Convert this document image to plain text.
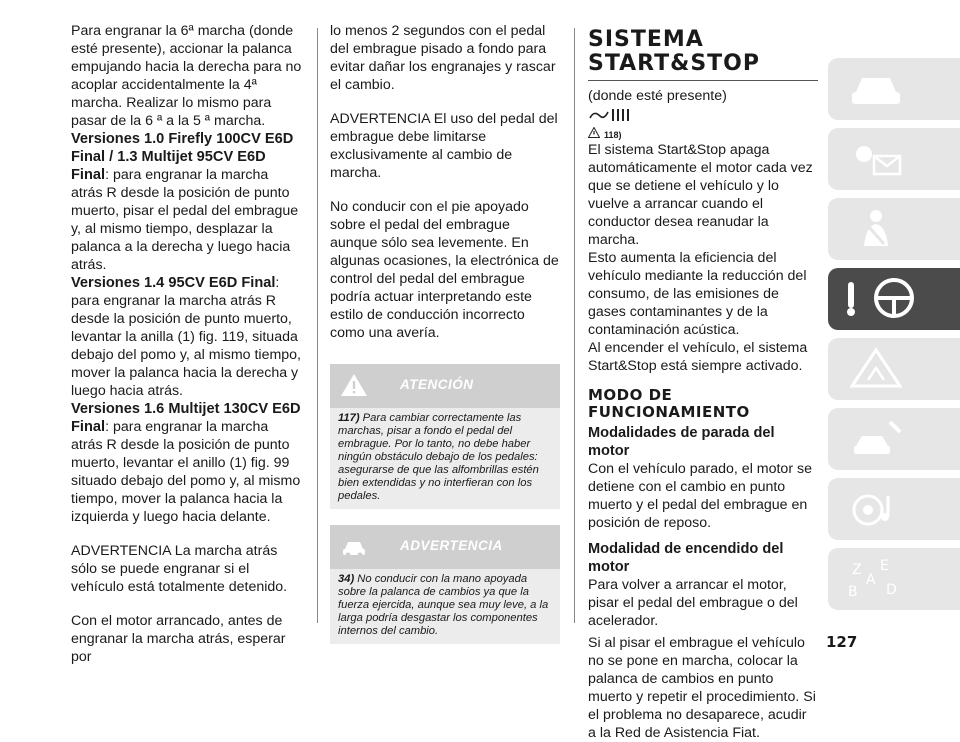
Para engranar la 6ª marcha (donde esté presente), accionar la palanca empujando hacia la derecha para no acoplar accidentalmente la 4ª marcha. Realizar lo mismo para pasar de la 6 ª a la 5 ª marcha.

Versiones 1.0 Firefly 100CV E6D Final / 1.3 Multijet 95CV E6D Final: para engranar la marcha atrás R desde la posición de punto muerto, pisar el pedal del embrague y, al mismo tiempo, desplazar la palanca a la derecha y luego hacia atrás.

Versiones 1.4 95CV E6D Final: para engranar la marcha atrás R desde la posición de punto muerto, levantar la anilla (1) fig. 119, situada debajo del pomo y, al mismo tiempo, mover la palanca hacia la derecha y luego hacia atrás.

Versiones 1.6 Multijet 130CV E6D Final: para engranar la marcha atrás R desde la posición de punto muerto, levantar el anillo (1) fig. 99 situado debajo del pomo y, al mismo tiempo, mover la palanca hacia la izquierda y luego hacia delante.

ADVERTENCIA La marcha atrás sólo se puede engranar si el vehículo está totalmente detenido.

Con el motor arrancado, antes de engranar la marcha atrás, esperar por

lo menos 2 segundos con el pedal del embrague pisado a fondo para evitar dañar los engranajes y rascar el cambio.

ADVERTENCIA El uso del pedal del embrague debe limitarse exclusivamente al cambio de marcha.

No conducir con el pie apoyado sobre el pedal del embrague aunque sólo sea levemente. En algunas ocasiones, la electrónica de control del pedal del embrague podría actuar interpretando este estilo de conducción incorrecto como una avería.

ATENCIÓN
117) Para cambiar correctamente las marchas, pisar a fondo el pedal del embrague. Por lo tanto, no debe haber ningún obstáculo debajo de los pedales: asegurarse de que las alfombrillas estén bien extendidas y no interfieran con los pedales.
ADVERTENCIA
34) No conducir con la mano apoyada sobre la palanca de cambios ya que la fuerza ejercida, aunque sea muy leve, a la larga podría desgastar los componentes internos del cambio.
SISTEMA
START&STOP

(donde esté presente)

118)

El sistema Start&Stop apaga automáticamente el motor cada vez que se detiene el vehículo y lo vuelve a arrancar cuando el conductor desea reanudar la marcha.

Esto aumenta la eficiencia del vehículo mediante la reducción del consumo, de las emisiones de gases contaminantes y de la contaminación acústica.

Al encender el vehículo, el sistema Start&Stop está siempre activado.

MODO DE
FUNCIONAMIENTO

Modalidades de parada del motor

Con el vehículo parado, el motor se detiene con el cambio en punto muerto y el pedal del embrague en posición de reposo.

Modalidad de encendido del motor

Para volver a arrancar el motor, pisar el pedal del embrague o del acelerador.

Si al pisar el embrague el vehículo no se pone en marcha, colocar la palanca de cambios en punto muerto y repetir el procedimiento. Si el problema no desaparece, acudir a la Red de Asistencia Fiat.

Z E
A
B D
127
